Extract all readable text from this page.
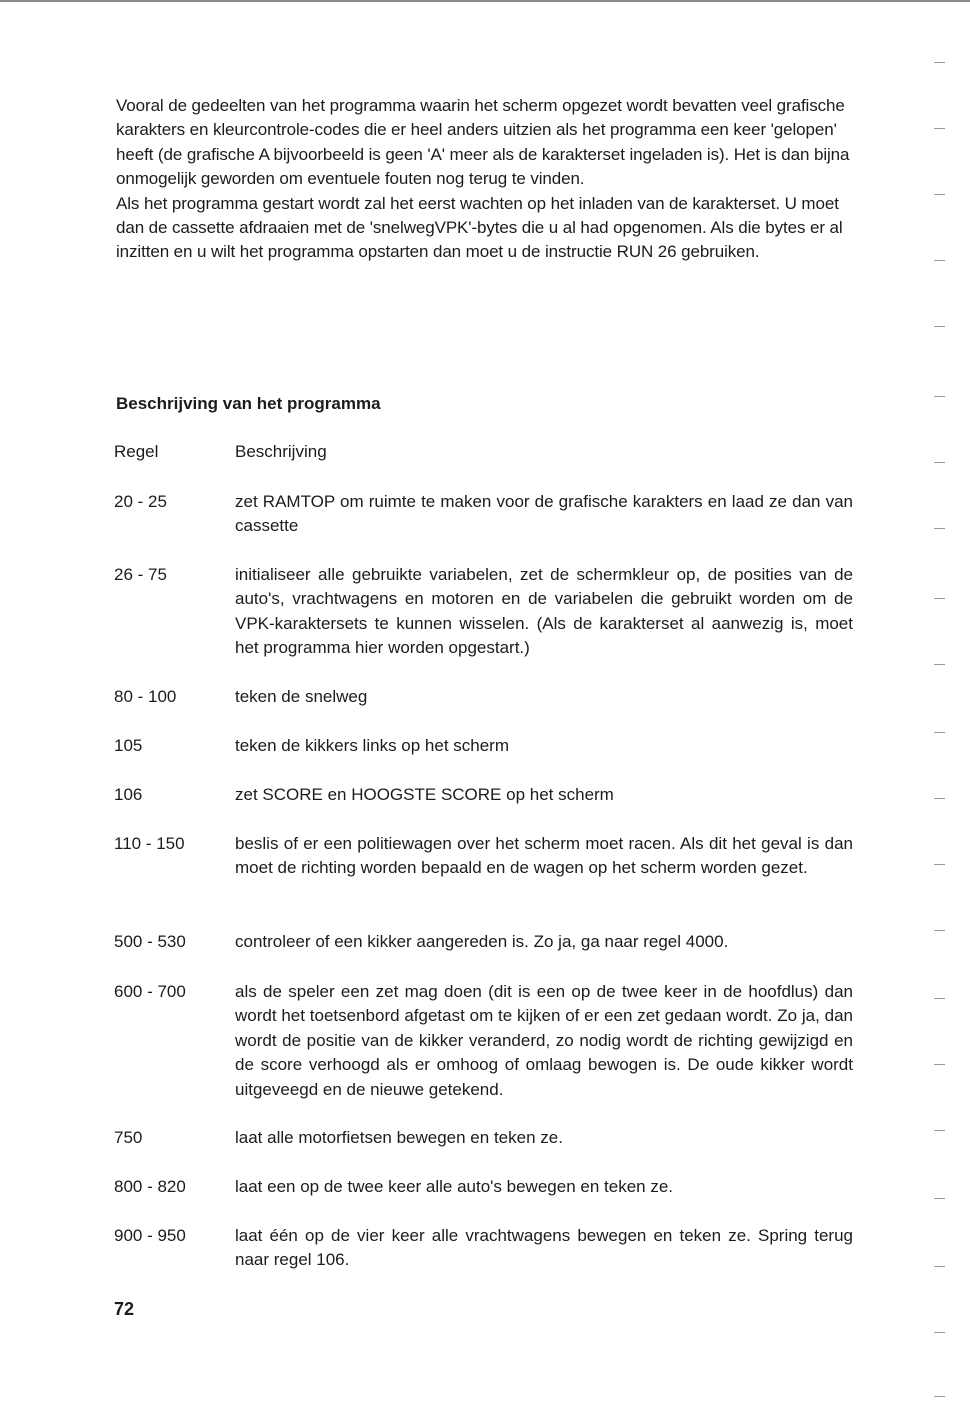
Vooral de gedeelten van het programma waarin het scherm opgezet wordt bevatten veel grafische karakters en kleurcontrole-codes die er heel anders uitzien als het programma een keer 'gelopen' heeft (de grafische A bijvoorbeeld is geen 'A' meer als de karakterset ingeladen is). Het is dan bijna onmogelijk geworden om eventuele fouten nog terug te vinden.

Als het programma gestart wordt zal het eerst wachten op het inladen van de karakterset. U moet dan de cassette afdraaien met de 'snelwegVPK'-bytes die u al had opgenomen. Als die bytes er al inzitten en u wilt het programma opstarten dan moet u de instructie RUN 26 gebruiken.

Beschrijving van het programma
Regel	Beschrijving
20 - 25	zet RAMTOP om ruimte te maken voor de grafische karakters en laad ze dan van cassette
26 - 75	initialiseer alle gebruikte variabelen, zet de schermkleur op, de posities van de auto's, vrachtwagens en motoren en de variabelen die gebruikt worden om de VPK-karaktersets te kunnen wisselen. (Als de karakterset al aanwezig is, moet het programma hier worden opgestart.)
80 - 100	teken de snelweg
105	teken de kikkers links op het scherm
106	zet SCORE en HOOGSTE SCORE op het scherm
110 - 150	beslis of er een politiewagen over het scherm moet racen. Als dit het geval is dan moet de richting worden bepaald en de wagen op het scherm worden gezet.
500 - 530	controleer of een kikker aangereden is. Zo ja, ga naar regel 4000.
600 - 700	als de speler een zet mag doen (dit is een op de twee keer in de hoofdlus) dan wordt het toetsenbord afgetast om te kijken of er een zet gedaan wordt. Zo ja, dan wordt de positie van de kikker veranderd, zo nodig wordt de richting gewijzigd en de score verhoogd als er omhoog of omlaag bewogen is. De oude kikker wordt uitgeveegd en de nieuwe getekend.
750	laat alle motorfietsen bewegen en teken ze.
800 - 820	laat een op de twee keer alle auto's bewegen en teken ze.
900 - 950	laat één op de vier keer alle vrachtwagens bewegen en teken ze. Spring terug naar regel 106.
72
